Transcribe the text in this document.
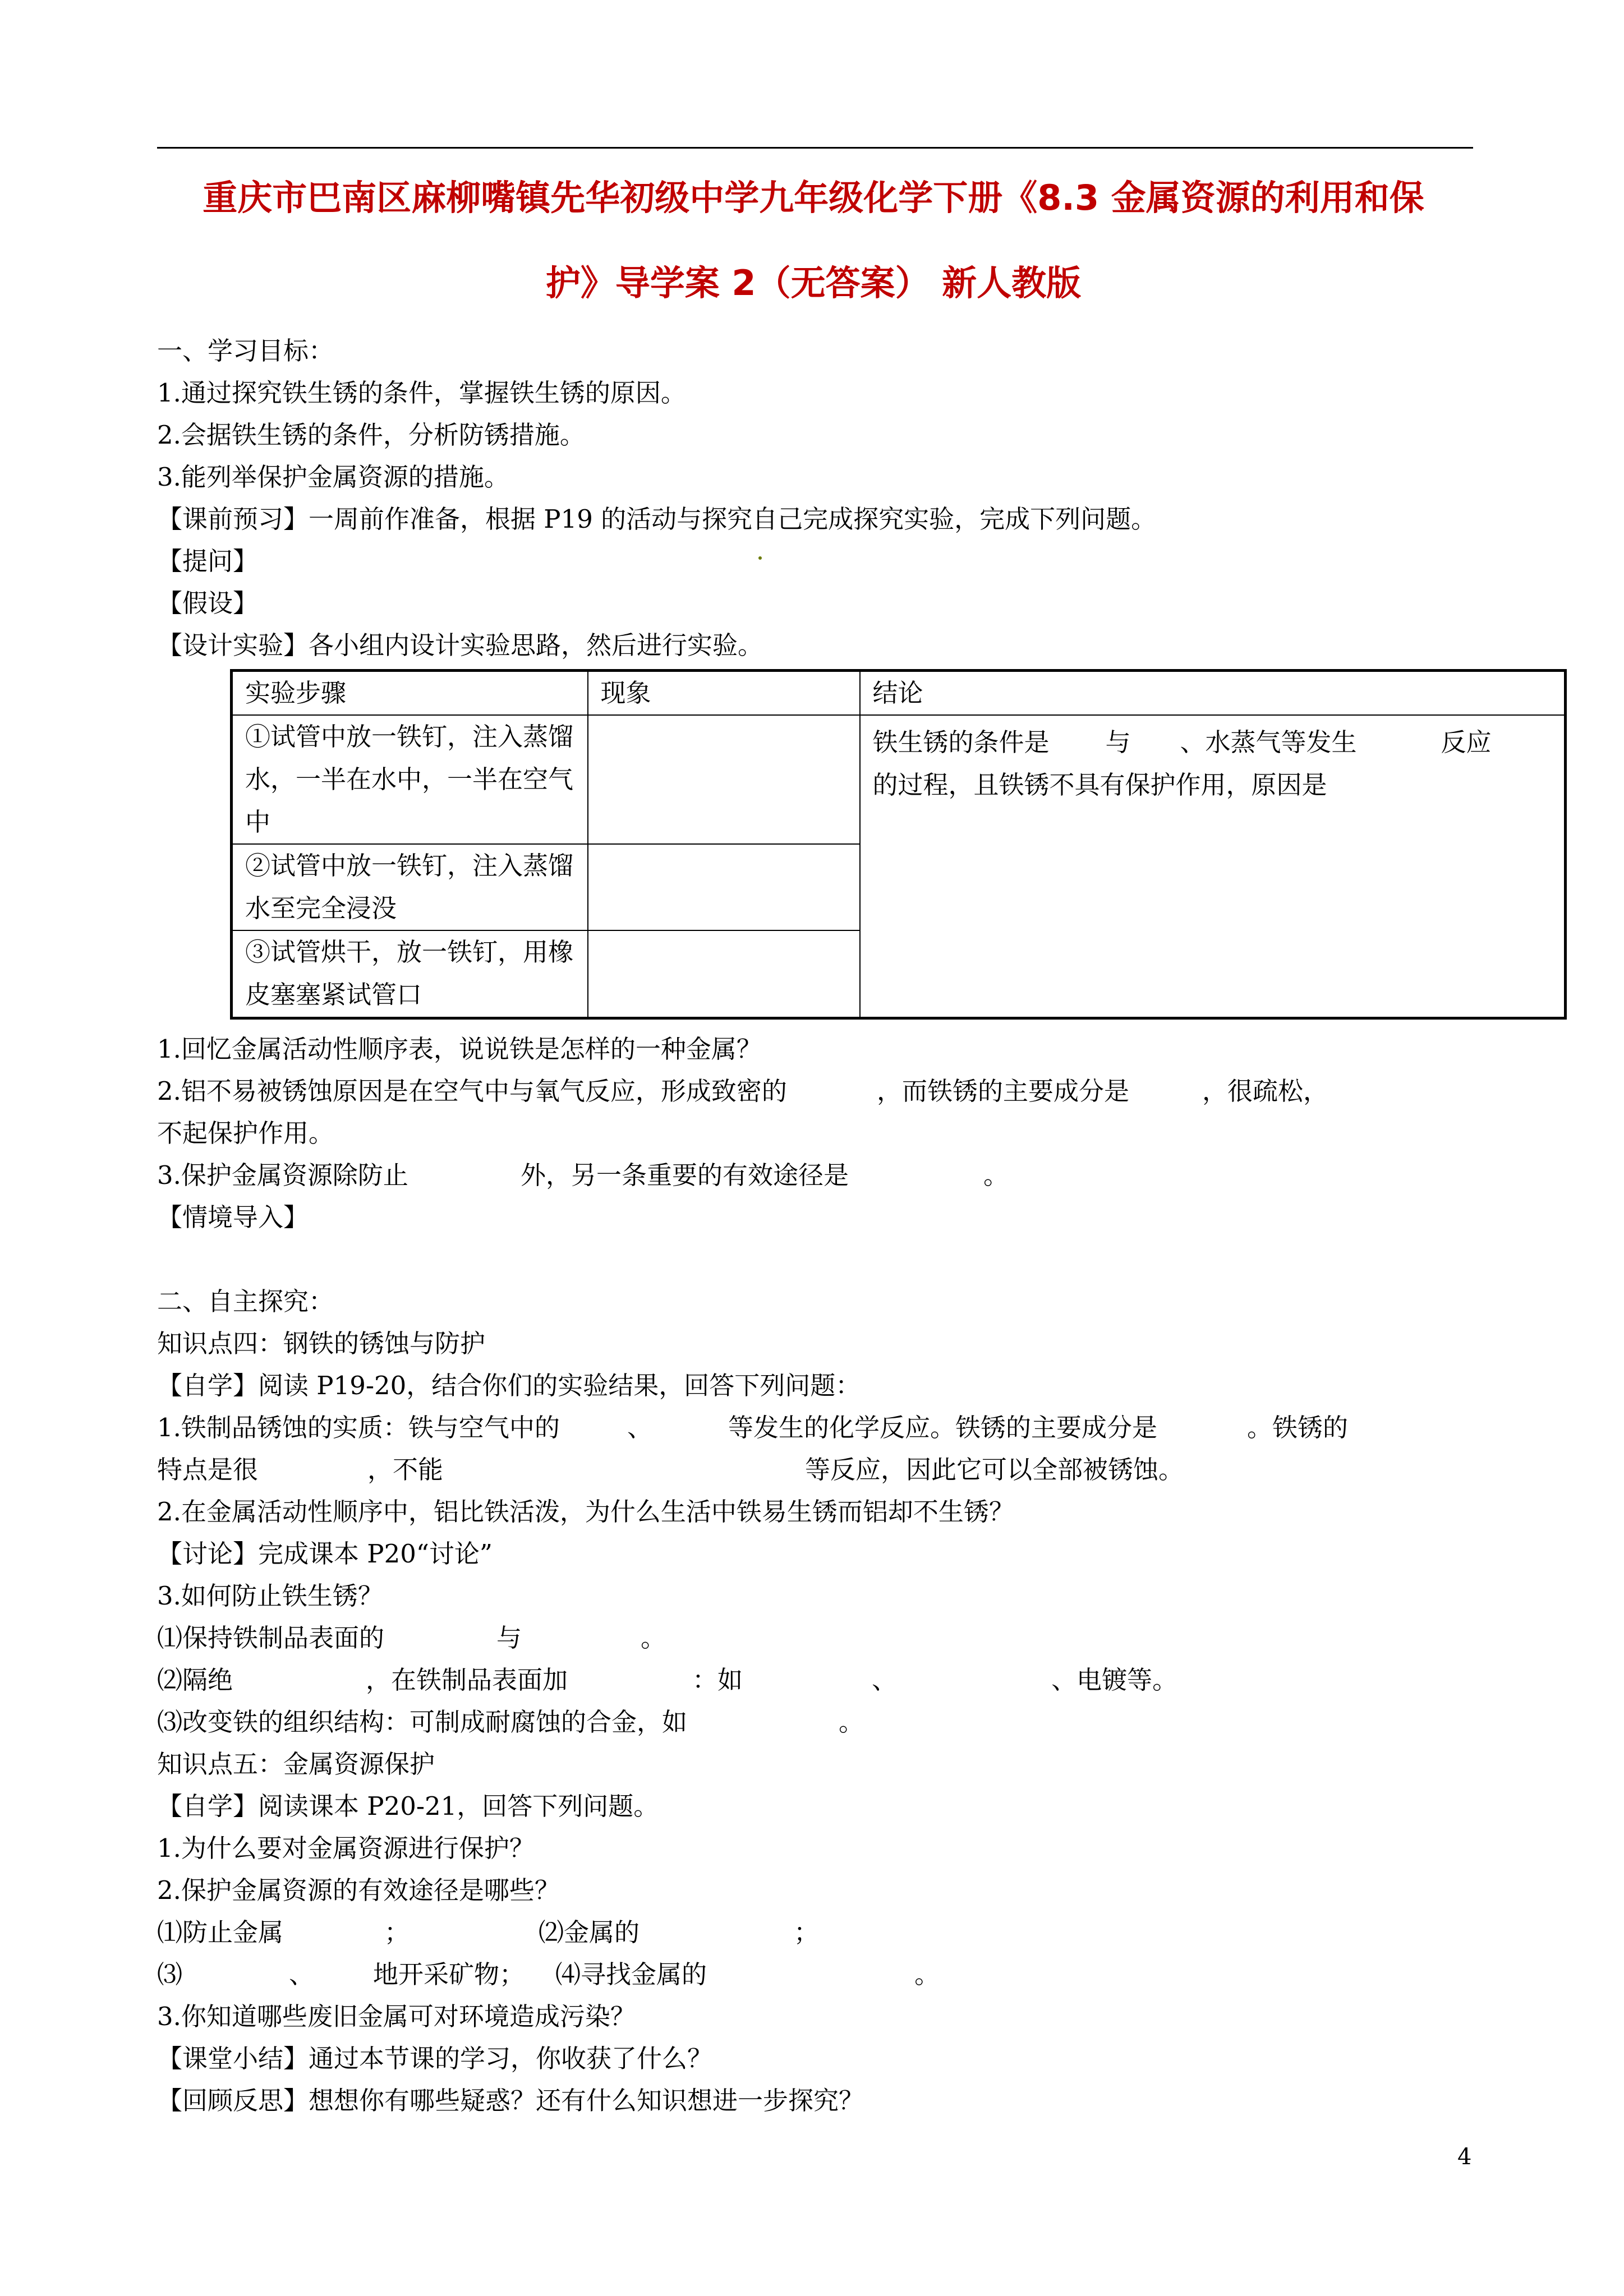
重庆市巴南区麻柳嘴镇先华初级中学九年级化学下册《8.3 金属资源的利用和保
护》导学案 2（无答案） 新人教版
一、学习目标：
1.通过探究铁生锈的条件，掌握铁生锈的原因。
2.会据铁生锈的条件，分析防锈措施。
3.能列举保护金属资源的措施。
【课前预习】一周前作准备，根据 P19 的活动与探究自己完成探究实验，完成下列问题。
【提问】
【假设】
【设计实验】各小组内设计实验思路，然后进行实验。
实验步骤	现象	结论
①试管中放一铁钉，注入蒸馏水，一半在水中，一半在空气中		铁生锈的条件是 与 、水蒸气等发生 反应
的过程，且铁锈不具有保护作用，原因是

②试管中放一铁钉，注入蒸馏水至完全浸没		
③试管烘干，放一铁钉，用橡皮塞塞紧试管口		
1.回忆金属活动性顺序表，说说铁是怎样的一种金属？
2.铝不易被锈蚀原因是在空气中与氧气反应，形成致密的	，而铁锈的主要成分是	，很疏松，
不起保护作用。
3.保护金属资源除防止	外，另一条重要的有效途径是	。
【情境导入】
二、自主探究：
知识点四：钢铁的锈蚀与防护
【自学】阅读 P19-20，结合你们的实验结果，回答下列问题：
1.铁制品锈蚀的实质：铁与空气中的	、	等发生的化学反应。铁锈的主要成分是	。铁锈的
特点是很	，不能	等反应，因此它可以全部被锈蚀。
2.在金属活动性顺序中，铝比铁活泼，为什么生活中铁易生锈而铝却不生锈？
【讨论】完成课本 P20“讨论”
3.如何防止铁生锈？
⑴保持铁制品表面的	与	。
⑵隔绝	，在铁制品表面加	：如	、	、电镀等。
⑶改变铁的组织结构：可制成耐腐蚀的合金，如	。
知识点五：金属资源保护
【自学】阅读课本 P20-21，回答下列问题。
1.为什么要对金属资源进行保护？
2.保护金属资源的有效途径是哪些？
⑴防止金属	；	⑵金属的	；
⑶	、 地开采矿物； ⑷寻找金属的	。
3.你知道哪些废旧金属可对环境造成污染？
【课堂小结】通过本节课的学习，你收获了什么？
【回顾反思】想想你有哪些疑惑？还有什么知识想进一步探究？
4
